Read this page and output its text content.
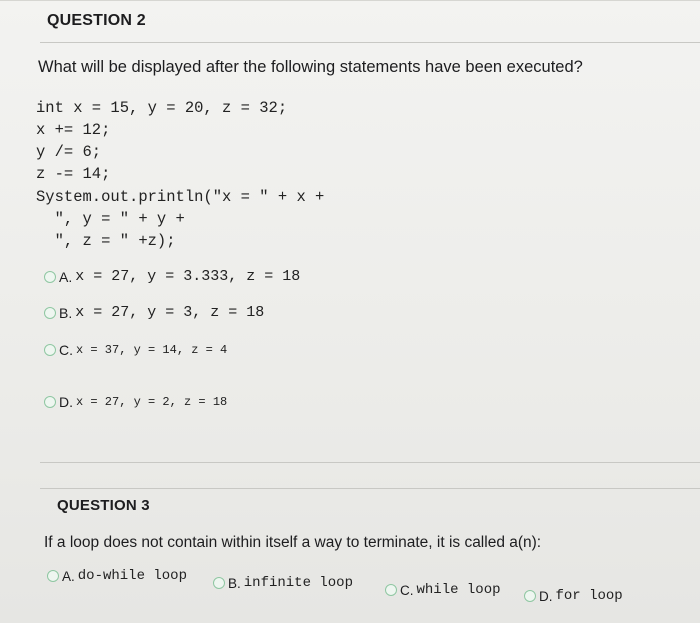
QUESTION 2
What will be displayed after the following statements have been executed?
int x = 15, y = 20, z = 32;
x += 12;
y /= 6;
z -= 14;
System.out.println("x = " + x +
", y = " + y +
", z = " +z);
A. x = 27, y = 3.333, z = 18
B. x = 27, y = 3, z = 18
C. x = 37, y = 14, z = 4
D. x = 27, y = 2, z = 18
QUESTION 3
If a loop does not contain within itself a way to terminate, it is called a(n):
A. do-while loop	B. infinite loop	C. while loop	D. for loop
